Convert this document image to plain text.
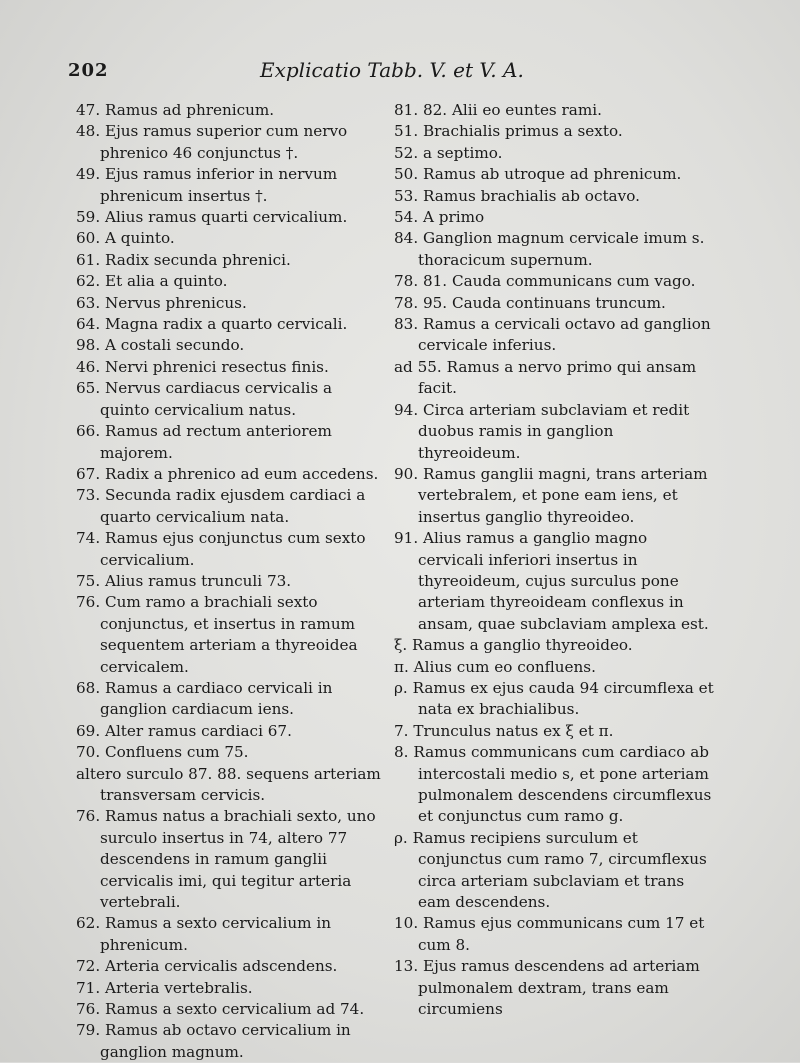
202	Explicatio Tabb. V. et V. A.

47. Ramus ad phrenicum.

48. Ejus ramus superior cum nervo phrenico 46 conjunctus †.

49. Ejus ramus inferior in nervum phrenicum insertus †.

59. Alius ramus quarti cervicalium.

60. A quinto.

61. Radix secunda phrenici.

62. Et alia a quinto.

63. Nervus phrenicus.

64. Magna radix a quarto cervicali.

98. A costali secundo.

46. Nervi phrenici resectus finis.

65. Nervus cardiacus cervicalis a quinto cervicalium natus.

66. Ramus ad rectum anteriorem majorem.

67. Radix a phrenico ad eum accedens.

73. Secunda radix ejusdem cardiaci a quarto cervicalium nata.

74. Ramus ejus conjunctus cum sexto cervicalium.

75. Alius ramus trunculi 73.

76. Cum ramo a brachiali sexto conjunctus, et insertus in ramum sequentem arteriam a thyreoidea cervicalem.

68. Ramus a cardiaco cervicali in ganglion cardiacum iens.

69. Alter ramus cardiaci 67.

70. Confluens cum 75.

altero surculo 87. 88. sequens arteriam transversam cervicis.

76. Ramus natus a brachiali sexto, uno surculo insertus in 74, altero 77 descendens in ramum ganglii cervicalis imi, qui tegitur arteria vertebrali.

62. Ramus a sexto cervicalium in phrenicum.

72. Arteria cervicalis adscendens.

71. Arteria vertebralis.

76. Ramus a sexto cervicalium ad 74.

79. Ramus ab octavo cervicalium in ganglion magnum.

81. 82. Alii eo euntes rami.

51. Brachialis primus a sexto.

52. a septimo.

50. Ramus ab utroque ad phrenicum.

53. Ramus brachialis ab octavo.

54. A primo

84. Ganglion magnum cervicale imum s. thoracicum supernum.

78. 81. Cauda communicans cum vago.

78. 95. Cauda continuans truncum.

83. Ramus a cervicali octavo ad ganglion cervicale inferius.

ad 55. Ramus a nervo primo qui ansam facit.

94. Circa arteriam subclaviam et redit duobus ramis in ganglion thyreoideum.

90. Ramus ganglii magni, trans arteriam vertebralem, et pone eam iens, et insertus ganglio thyreoideo.

91. Alius ramus a ganglio magno cervicali inferiori insertus in thyreoideum, cujus surculus pone arteriam thyreoideam conflexus in ansam, quae subclaviam amplexa est.

ξ. Ramus a ganglio thyreoideo.

π. Alius cum eo confluens.

ρ. Ramus ex ejus cauda 94 circumflexa et nata ex brachialibus.

7. Trunculus natus ex ξ et π.

8. Ramus communicans cum cardiaco ab intercostali medio s, et pone arteriam pulmonalem descendens circumflexus et conjunctus cum ramo g.

ρ. Ramus recipiens surculum et conjunctus cum ramo 7, circumflexus circa arteriam subclaviam et trans eam descendens.

10. Ramus ejus communicans cum 17 et cum 8.

13. Ejus ramus descendens ad arteriam pulmonalem dextram, trans eam circumiens
